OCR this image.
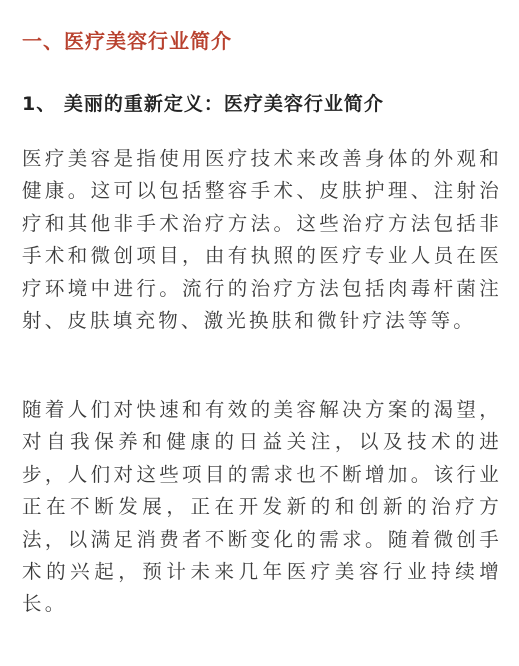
一、医疗美容行业简介
1、 美丽的重新定义：医疗美容行业简介

医疗美容是指使用医疗技术来改善身体的外观和健康。这可以包括整容手术、皮肤护理、注射治疗和其他非手术治疗方法。这些治疗方法包括非手术和微创项目，由有执照的医疗专业人员在医疗环境中进行。流行的治疗方法包括肉毒杆菌注射、皮肤填充物、激光换肤和微针疗法等等。

随着人们对快速和有效的美容解决方案的渴望，对自我保养和健康的日益关注，以及技术的进步，人们对这些项目的需求也不断增加。该行业正在不断发展，正在开发新的和创新的治疗方法，以满足消费者不断变化的需求。随着微创手术的兴起，预计未来几年医疗美容行业持续增长。
